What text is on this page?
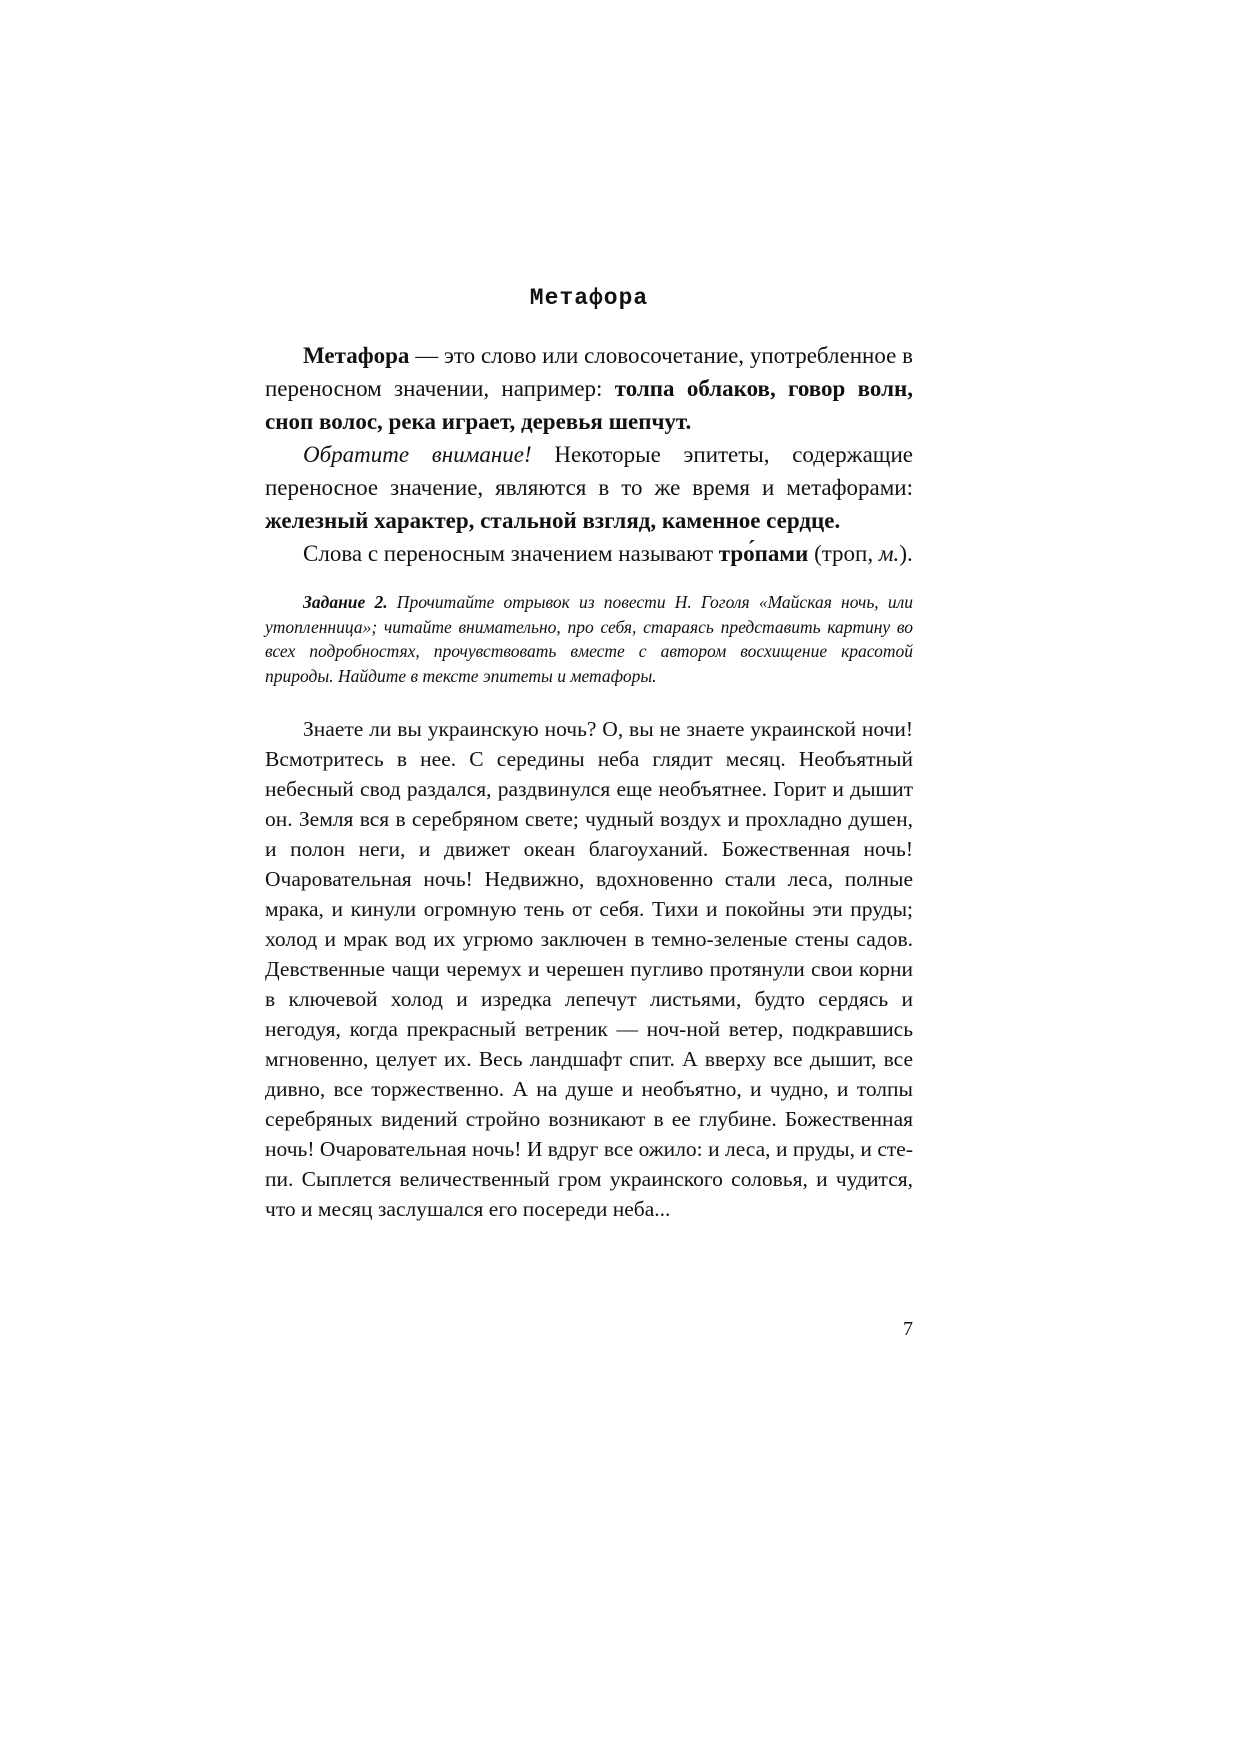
Метафора

Метафора — это слово или словосочетание, употребленное в переносном значении, например: толпа облаков, говор волн, сноп волос, река играет, деревья шепчут.

Обратите внимание! Некоторые эпитеты, содержащие переносное значение, являются в то же время и метафорами: железный характер, стальной взгляд, каменное сердце.

Слова с переносным значением называют тро́пами (троп, м.).

Задание 2. Прочитайте отрывок из повести Н. Гоголя «Майская ночь, или утопленница»; читайте внимательно, про себя, стараясь представить картину во всех подробностях, прочувствовать вместе с автором восхищение красотой природы. Найдите в тексте эпитеты и метафоры.

Знаете ли вы украинскую ночь? О, вы не знаете украинской ночи! Всмотритесь в нее. С середины неба глядит месяц. Необъятный небесный свод раздался, раздвинулся еще необъятнее. Горит и дышит он. Земля вся в серебряном свете; чудный воздух и прохладно душен, и полон неги, и движет океан благоуханий. Божественная ночь! Очаровательная ночь! Недвижно, вдохновенно стали леса, полные мрака, и кинули огромную тень от себя. Тихи и покойны эти пруды; холод и мрак вод их угрюмо заключен в темно-зеленые стены садов. Девственные чащи черемух и черешен пугливо протянули свои корни в ключевой холод и изредка лепечут листьями, будто сердясь и негодуя, когда прекрасный ветреник — ноч-ной ветер, подкравшись мгновенно, целует их. Весь ландшафт спит. А вверху все дышит, все дивно, все торжественно. А на душе и необъятно, и чудно, и толпы серебряных видений стройно возникают в ее глубине. Божественная ночь! Очаровательная ночь! И вдруг все ожило: и леса, и пруды, и степи. Сыплется величественный гром украинского соловья, и чудится, что и месяц заслушался его посереди неба...

7
